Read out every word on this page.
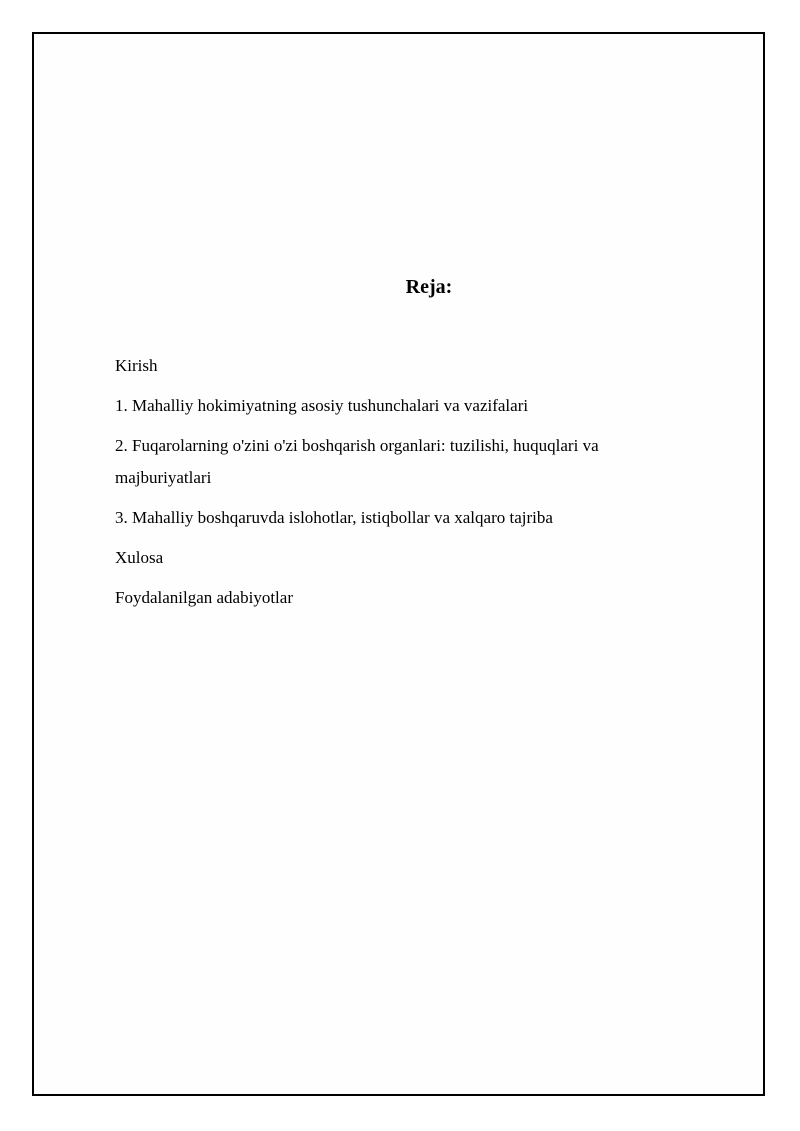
Reja:
Kirish
1. Mahalliy hokimiyatning asosiy tushunchalari va vazifalari
2. Fuqarolarning o'zini o'zi boshqarish organlari: tuzilishi, huquqlari va majburiyatlari
3. Mahalliy boshqaruvda islohotlar, istiqbollar va xalqaro tajriba
Xulosa
Foydalanilgan adabiyotlar
